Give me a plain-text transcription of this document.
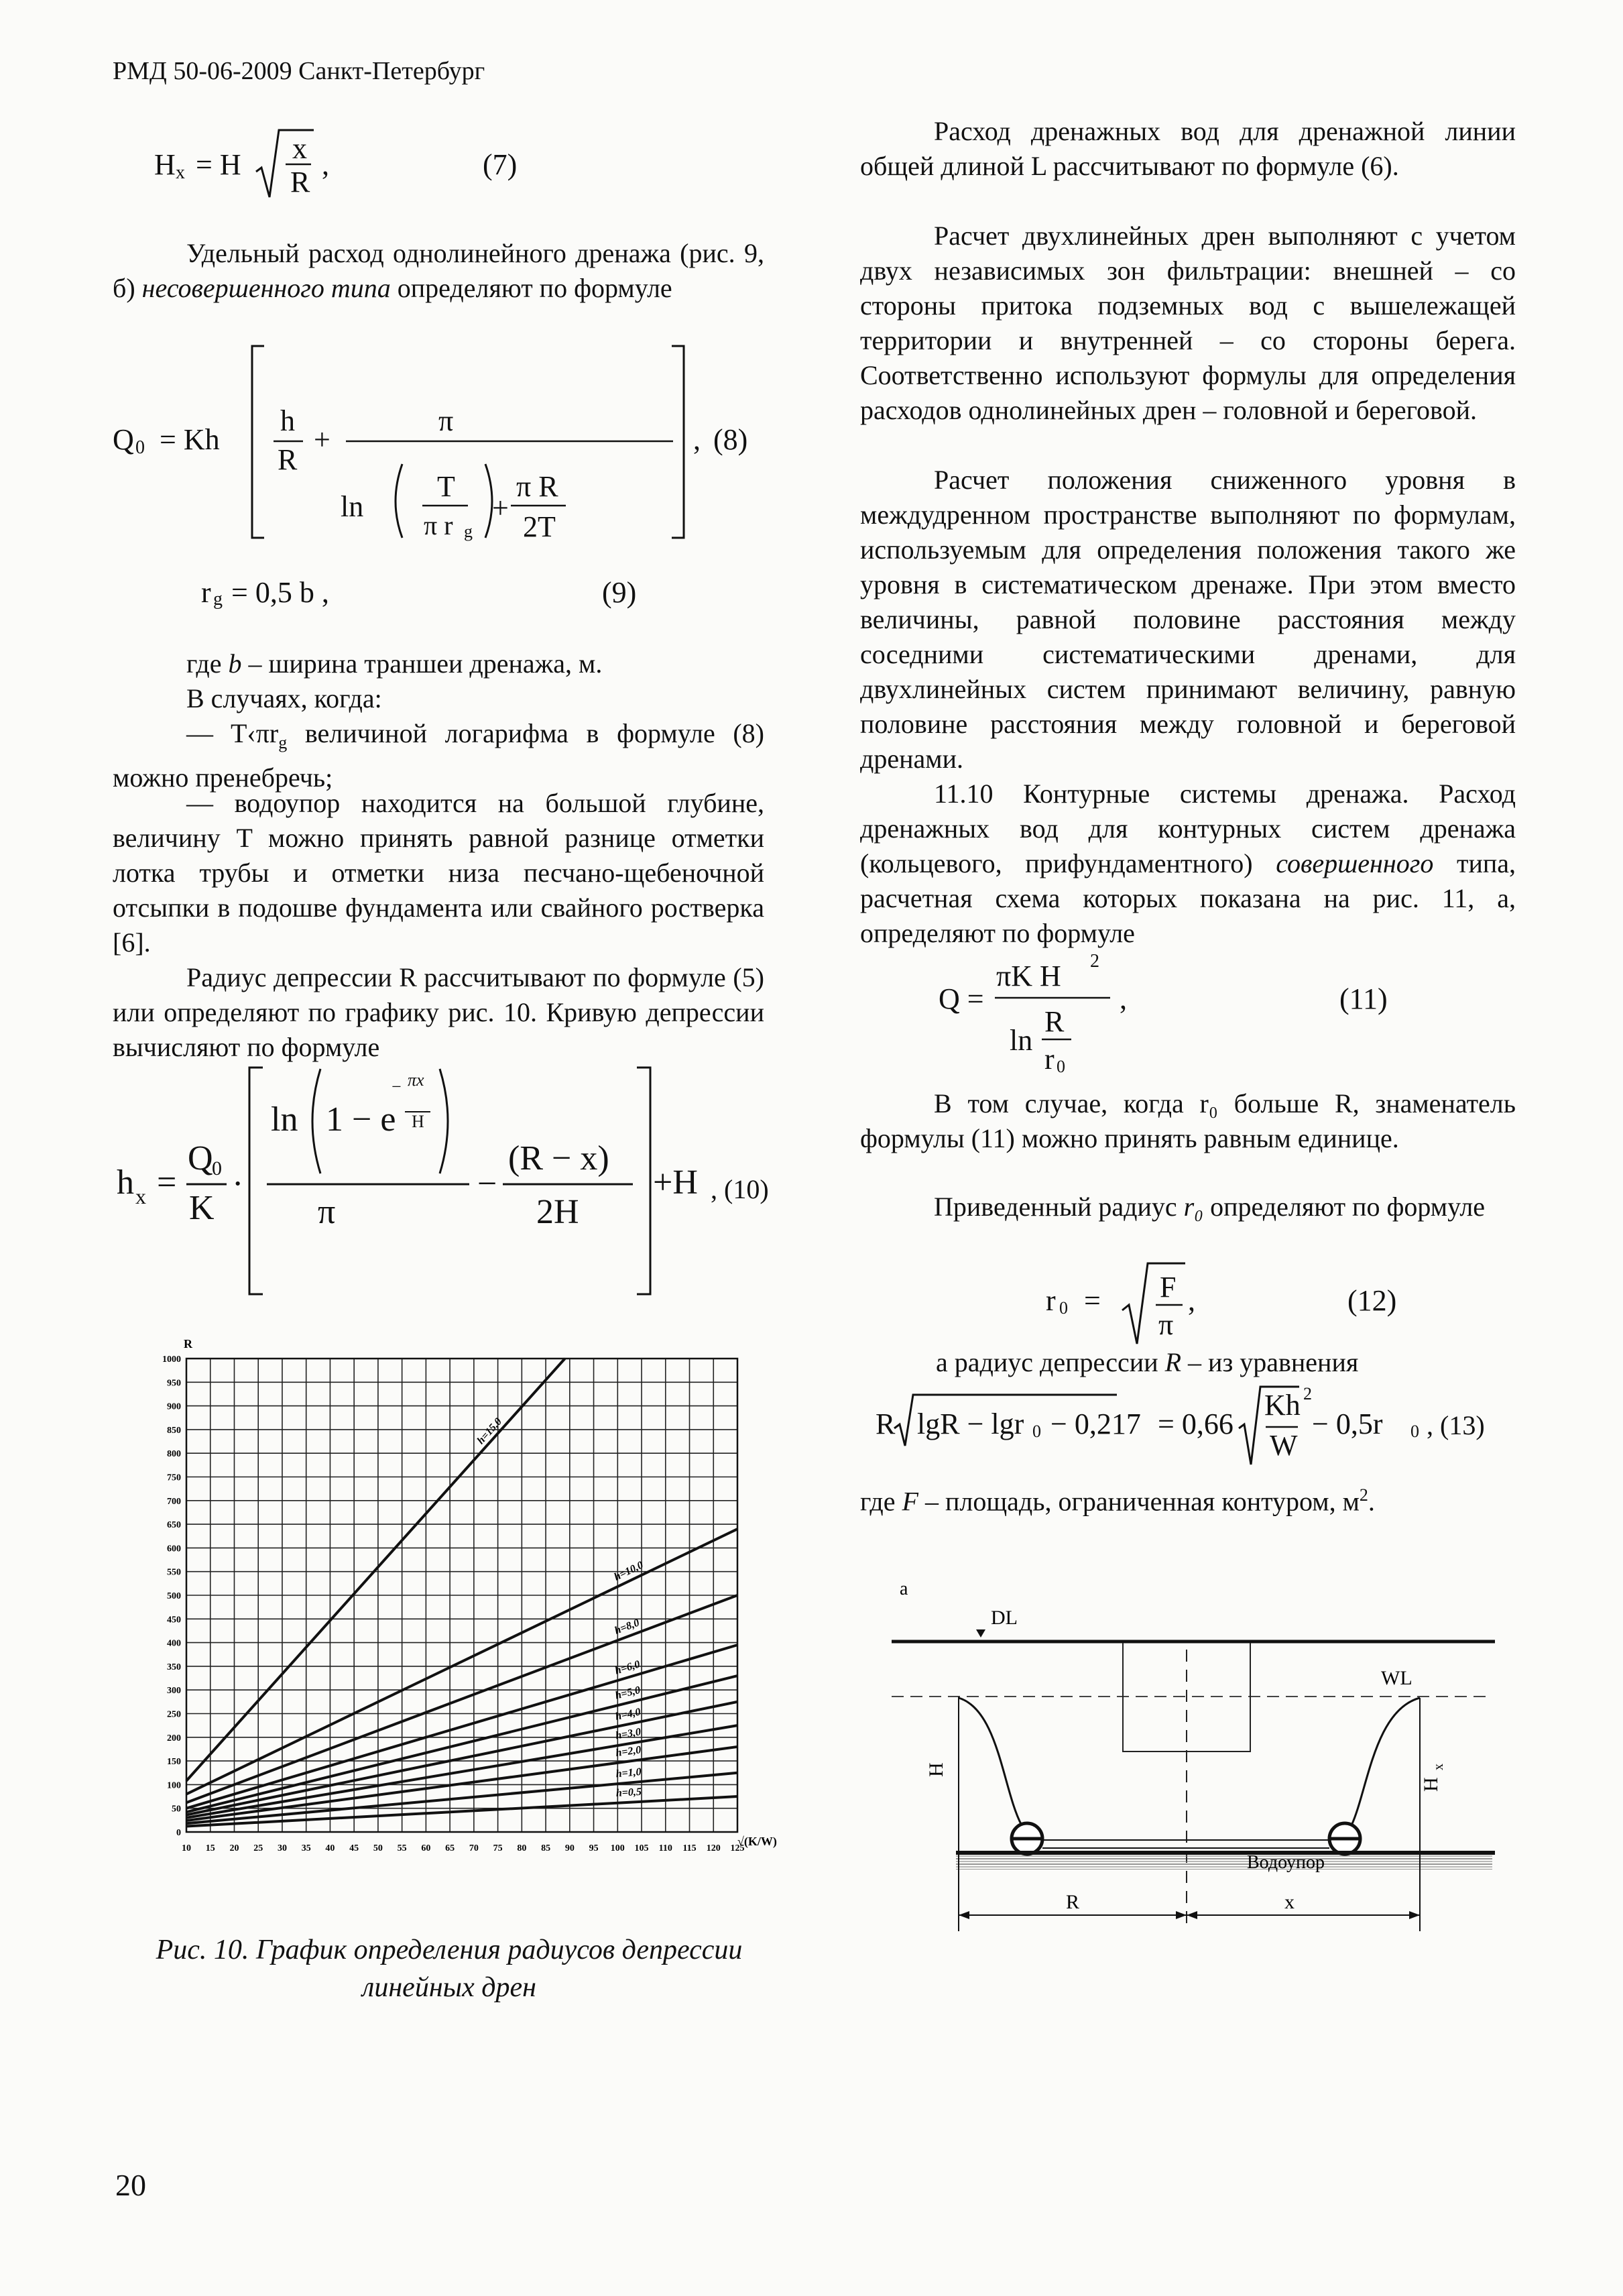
РМД 50-06-2009 Санкт-Петербург
H x = H x
R
,	(7)
Удельный расход однолинейного дренажа (рис. 9, б) несовершенного типа определяют по формуле
Q 0 = Kh
h
R
+
π
ln
T
π r g
+
π R
2T
, (8)
r g = 0,5 b ,	(9)
где b – ширина траншеи дренажа, м.
В случаях, когда:
— $T‹\pi r_g$ величиной логарифма в формуле (8) можно пренебречь;
— водоупор находится на большой глубине, величину T можно принять равной разнице отметки лотка трубы и отметки низа песчано-щебеночной отсыпки в подошве фундамента или свайного ростверка [6].
Радиус депрессии R рассчитывают по формуле (5) или определяют по графику рис. 10. Кривую депрессии вычисляют по формуле
h x =
Q
0
K
·
ln 1 − e
− πx
H
π
−
(R − x)
2H
+H , (10)
0
50
100
150
200
250
300
350
400
450
500
550
600
650
700
750
800
850
900
950
1000
10 15 20 25 30 35 40 45 50 55 60 65 70 75 80 85 90 95 100 105 110 115 120 125
h=0,5
h=1,0
h=2,0
h=3,0
h=4,0
h=5,0
h=6,0
h=8,0
h=10,0
h=15,0
R
√(K/W)
Рис. 10. График определения радиусов депрессии линейных дрен
Расход дренажных вод для дренажной линии общей длиной L рассчитывают по формуле (6).
Расчет двухлинейных дрен выполняют с учетом двух независимых зон фильтрации: внешней – со стороны притока подземных вод с вышележащей территории и внутренней – со стороны берега. Соответственно используют формулы для определения расходов однолинейных дрен – головной и береговой.
Расчет положения сниженного уровня в междудренном пространстве выполняют по формулам, используемым для определения положения такого же уровня в систематическом дренаже. При этом вместо величины, равной половине расстояния между соседними систематическими дренами, для двухлинейных систем принимают величину, равную половине расстояния между головной и береговой дренами.
11.10 Контурные системы дренажа. Расход дренажных вод для контурных систем дренажа (кольцевого, прифундаментного) совершенного типа, расчетная схема которых показана на рис. 11, а, определяют по формуле
Q =
πK H 2
ln
R
r 0
,	(11)
В том случае, когда r₀ больше R, знаменатель формулы (11) можно принять равным единице.
Приведенный радиус r₀ определяют по формуле
r 0 = F
π
,	(12)
а радиус депрессии R – из уравнения
R lgR − lgr 0 − 0,217 = 0,66
Kh 2
W
− 0,5r 0 , (13)
где F – площадь, ограниченная контуром, $м^2$.
a
DL
WL
Водоупор
H
H
x
R	x
20
